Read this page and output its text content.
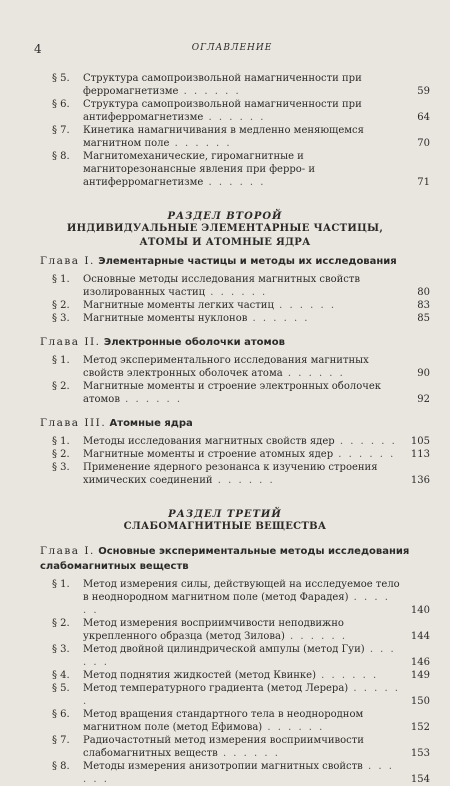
4	ОГЛАВЛЕНИЕ
§ 5. Структура самопроизвольной намагниченности при ферромагнетизме . . . . . .	59
§ 6. Структура самопроизвольной намагниченности при антиферромагнетизме . . . . . .	64
§ 7. Кинетика намагничивания в медленно меняющемся магнитном поле . . . . . .	70
§ 8. Магнитомеханические, гиромагнитные и магниторезонансные явления при ферро- и антиферромагнетизме . . . . . .	71
РАЗДЕЛ ВТОРОЙ
ИНДИВИДУАЛЬНЫЕ ЭЛЕМЕНТАРНЫЕ ЧАСТИЦЫ,
АТОМЫ И АТОМНЫЕ ЯДРА
Глава I. Элементарные частицы и методы их исследования
§ 1. Основные методы исследования магнитных свойств изолированных частиц . . . . . .	80
§ 2. Магнитные моменты легких частиц . . . . . .	83
§ 3. Магнитные моменты нуклонов . . . . . .	85
Глава II. Электронные оболочки атомов
§ 1. Метод экспериментального исследования магнитных свойств электронных оболочек атома . . . . . .	90
§ 2. Магнитные моменты и строение электронных оболочек атомов . . . . . .	92
Глава III. Атомные ядра
§ 1. Методы исследования магнитных свойств ядер . . . . . .	105
§ 2. Магнитные моменты и строение атомных ядер . . . . . .	113
§ 3. Применение ядерного резонанса к изучению строения химических соединений . . . . . .	136
РАЗДЕЛ ТРЕТИЙ
СЛАБОМАГНИТНЫЕ ВЕЩЕСТВА
Глава I. Основные экспериментальные методы исследования слабомагнитных веществ
§ 1. Метод измерения силы, действующей на исследуемое тело в неоднородном магнитном поле (метод Фарадея) . . . . . .	140
§ 2. Метод измерения восприимчивости неподвижно укрепленного образца (метод Зилова) . . . . . .	144
§ 3. Метод двойной цилиндрической ампулы (метод Гуи) . . . . . .	146
§ 4. Метод поднятия жидкостей (метод Квинке) . . . . . .	149
§ 5. Метод температурного градиента (метод Лерера) . . . . . .	150
§ 6. Метод вращения стандартного тела в неоднородном магнитном поле (метод Ефимова) . . . . . .	152
§ 7. Радиочастотный метод измерения восприимчивости слабомагнитных веществ . . . . . .	153
§ 8. Методы измерения анизотропии магнитных свойств . . . . . .	154
